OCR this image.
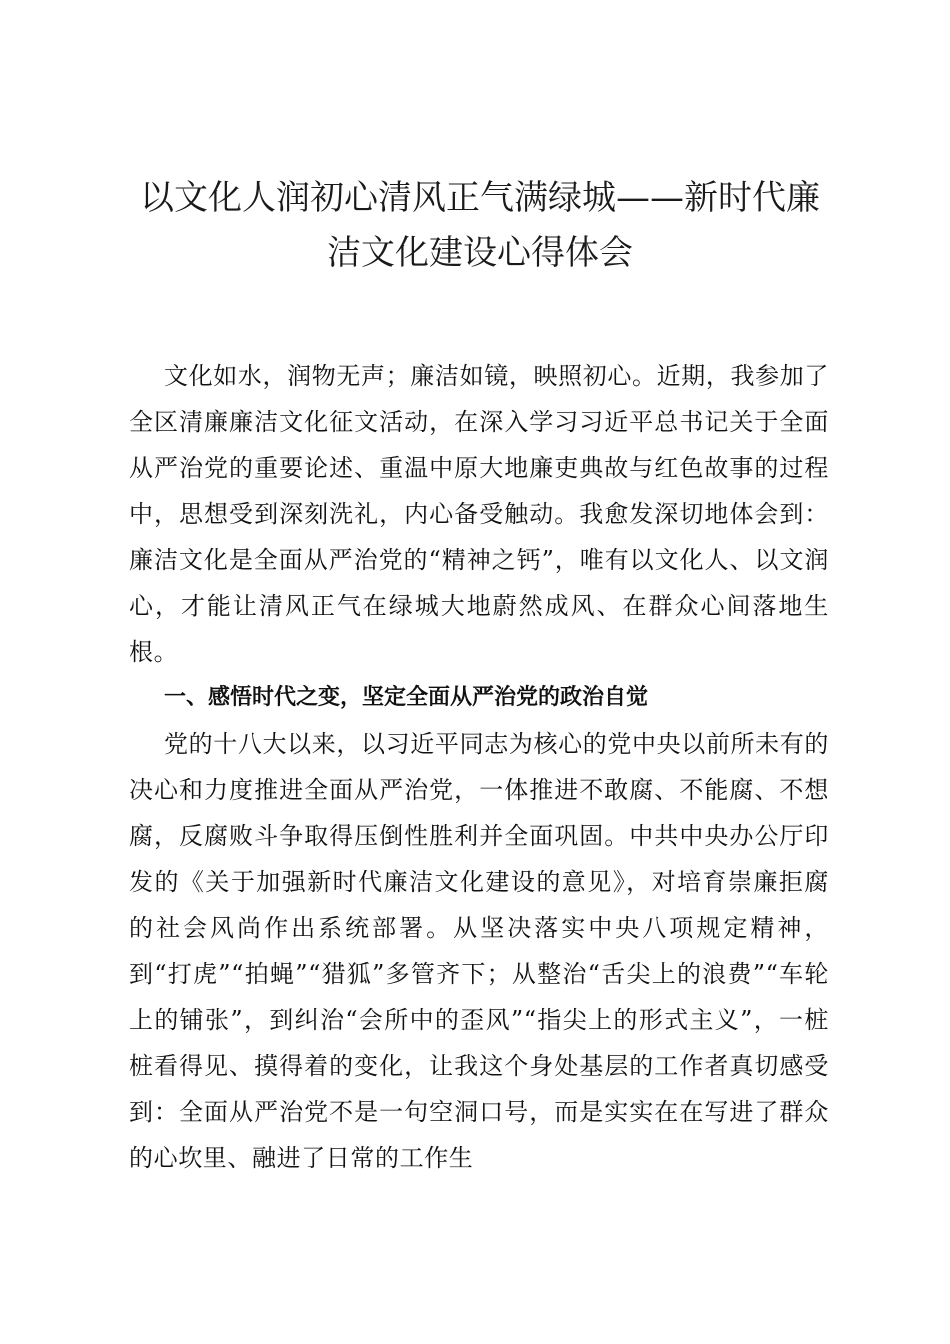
以文化人润初心清风正气满绿城——新时代廉
洁文化建设心得体会

文化如水，润物无声；廉洁如镜，映照初心。近期，我参加了全区清廉廉洁文化征文活动，在深入学习习近平总书记关于全面从严治党的重要论述、重温中原大地廉吏典故与红色故事的过程中，思想受到深刻洗礼，内心备受触动。我愈发深切地体会到：廉洁文化是全面从严治党的“精神之钙”，唯有以文化人、以文润心，才能让清风正气在绿城大地蔚然成风、在群众心间落地生根。

一、感悟时代之变，坚定全面从严治党的政治自觉

党的十八大以来，以习近平同志为核心的党中央以前所未有的决心和力度推进全面从严治党，一体推进不敢腐、不能腐、不想腐，反腐败斗争取得压倒性胜利并全面巩固。中共中央办公厅印发的《关于加强新时代廉洁文化建设的意见》，对培育崇廉拒腐的社会风尚作出系统部署。从坚决落实中央八项规定精神，到“打虎”“拍蝇”“猎狐”多管齐下；从整治“舌尖上的浪费”“车轮上的铺张”，到纠治“会所中的歪风”“指尖上的形式主义”，一桩桩看得见、摸得着的变化，让我这个身处基层的工作者真切感受到：全面从严治党不是一句空洞口号，而是实实在在写进了群众的心坎里、融进了日常的工作生
